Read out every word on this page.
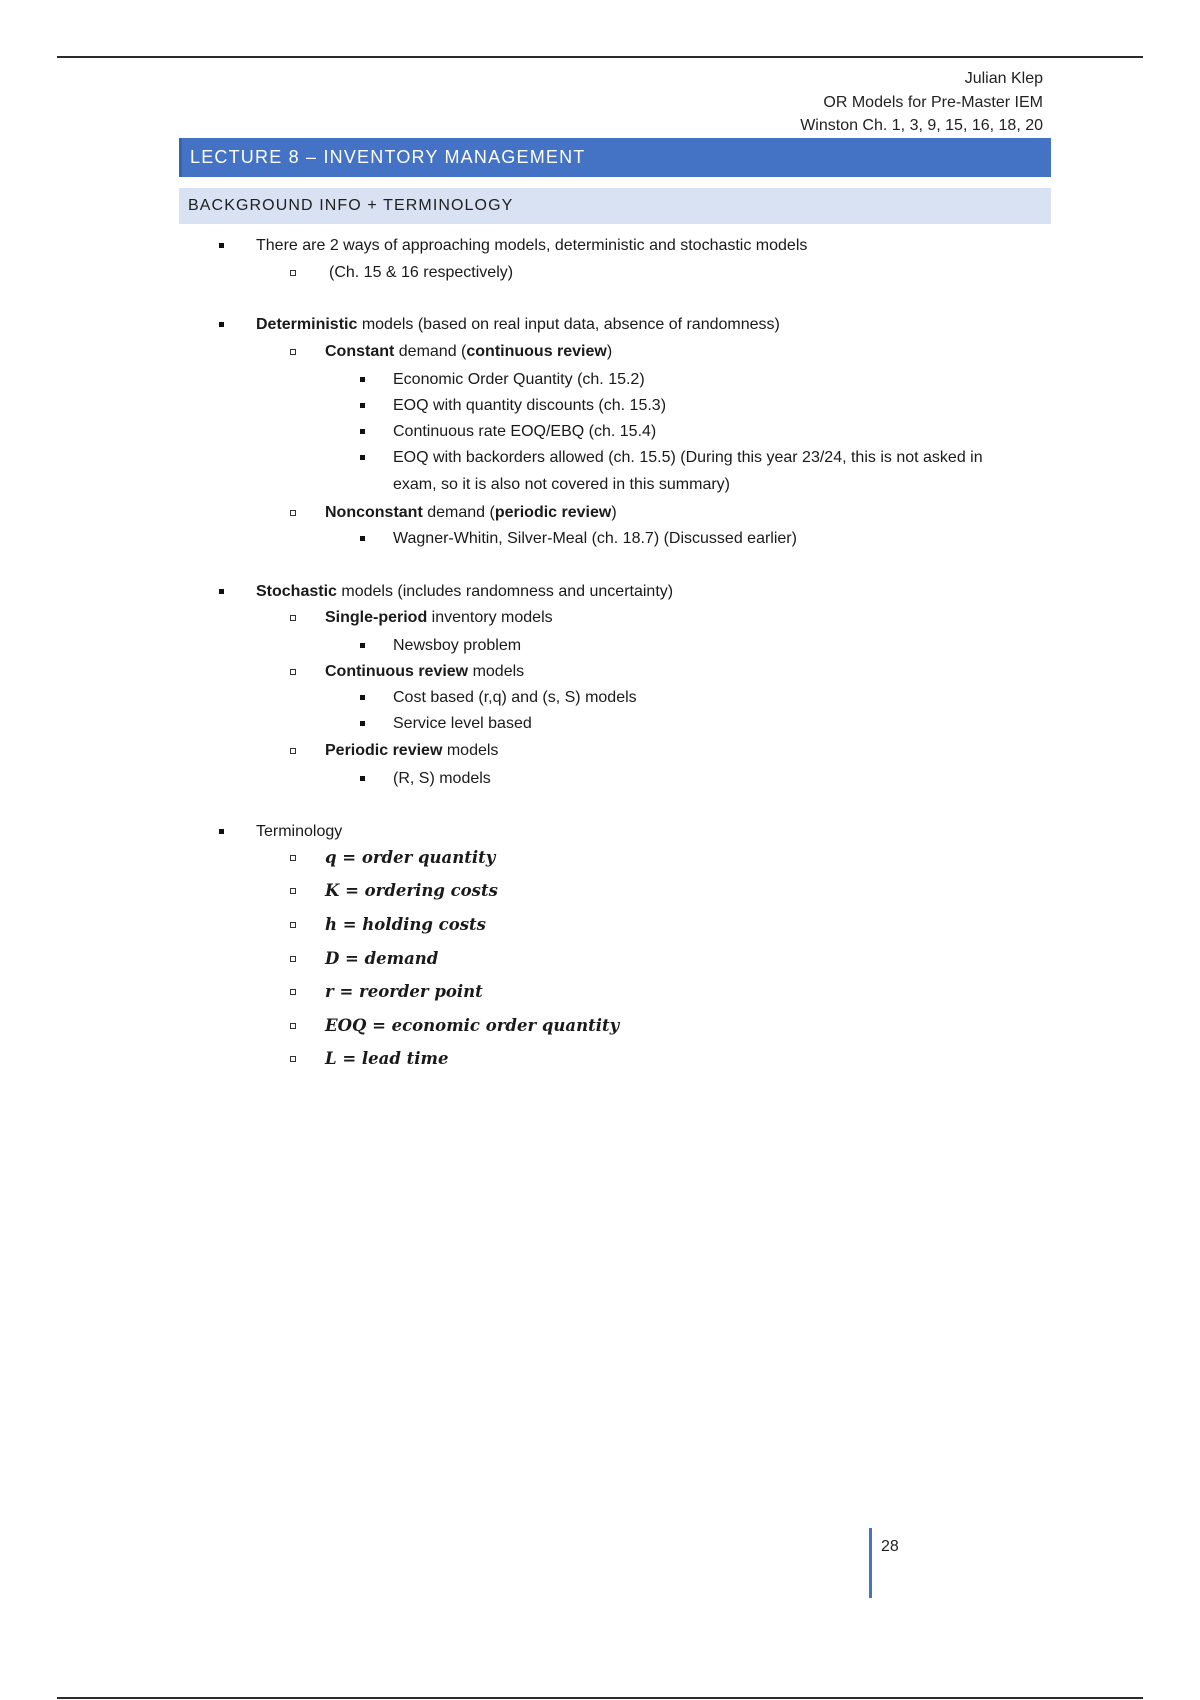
Julian Klep
OR Models for Pre-Master IEM
Winston Ch. 1, 3, 9, 15, 16, 18, 20
LECTURE 8 – INVENTORY MANAGEMENT
BACKGROUND INFO + TERMINOLOGY
There are 2 ways of approaching models, deterministic and stochastic models
(Ch. 15 & 16 respectively)
Deterministic models (based on real input data, absence of randomness)
Constant demand (continuous review)
Economic Order Quantity (ch. 15.2)
EOQ with quantity discounts (ch. 15.3)
Continuous rate EOQ/EBQ (ch. 15.4)
EOQ with backorders allowed (ch. 15.5) (During this year 23/24, this is not asked in
exam, so it is also not covered in this summary)
Nonconstant demand (periodic review)
Wagner-Whitin, Silver-Meal (ch. 18.7) (Discussed earlier)
Stochastic models (includes randomness and uncertainty)
Single-period inventory models
Newsboy problem
Continuous review models
Cost based (r,q) and (s, S) models
Service level based
Periodic review models
(R, S) models
Terminology
q = order quantity
K = ordering costs
h = holding costs
D = demand
r = reorder point
EOQ = economic order quantity
L = lead time
28
